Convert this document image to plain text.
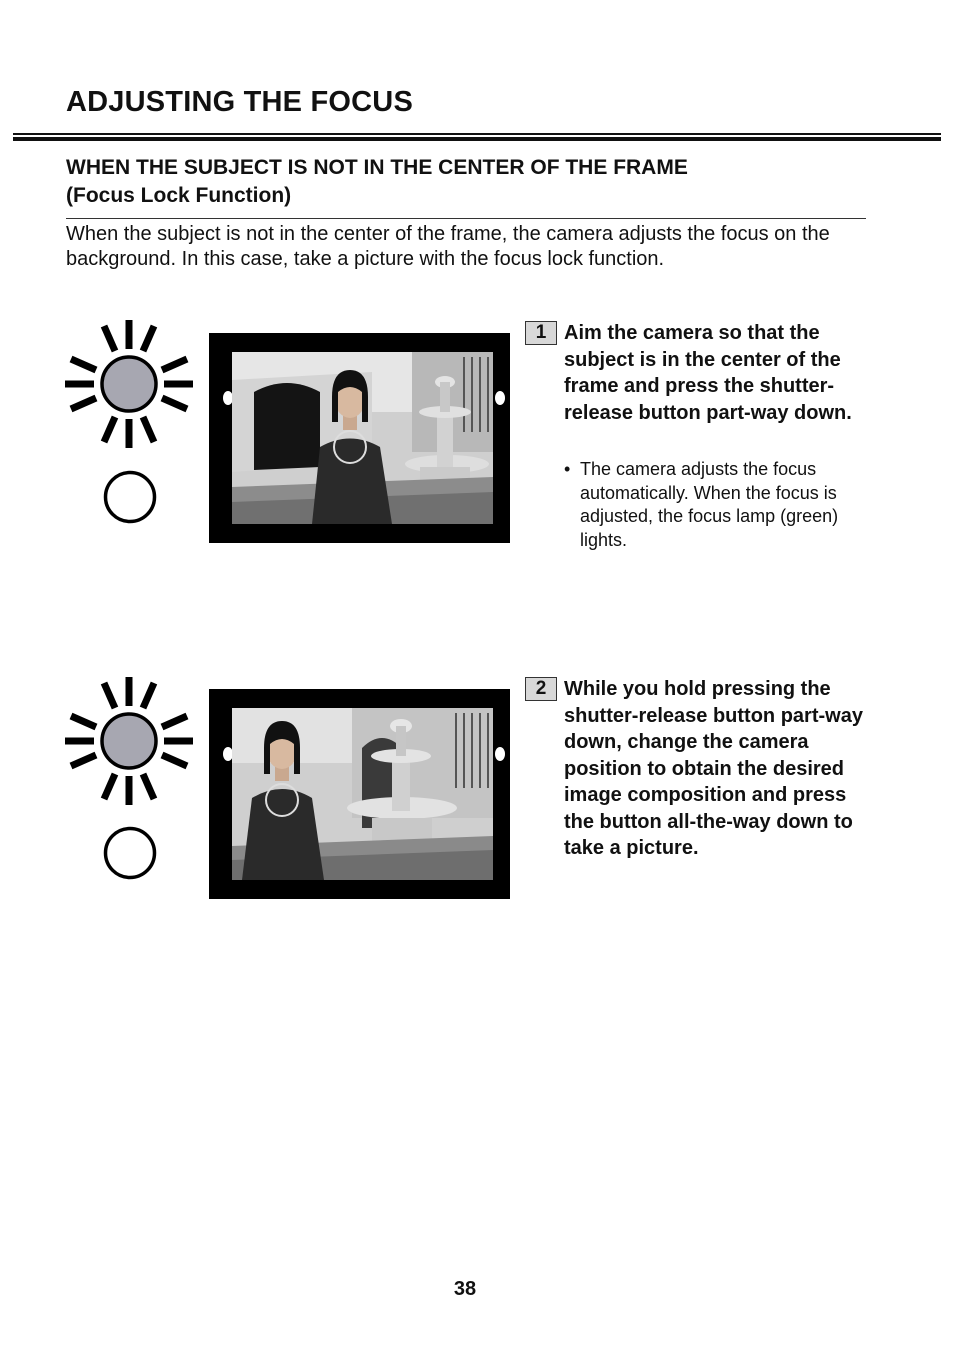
ADJUSTING THE FOCUS
WHEN THE SUBJECT IS NOT IN THE CENTER OF THE FRAME
(Focus Lock Function)
When the subject is not in the center of the frame, the camera adjusts the focus on the background. In this case, take a picture with the focus lock function.
1 Aim the camera so that the subject is in the center of the frame and press the shutter-release button part-way down.
• The camera adjusts the focus automatically. When the focus is adjusted, the focus lamp (green) lights.
2 While you hold pressing the shutter-release button part-way down, change the camera position to obtain the desired image composition and press the button all-the-way down to take a picture.
38
